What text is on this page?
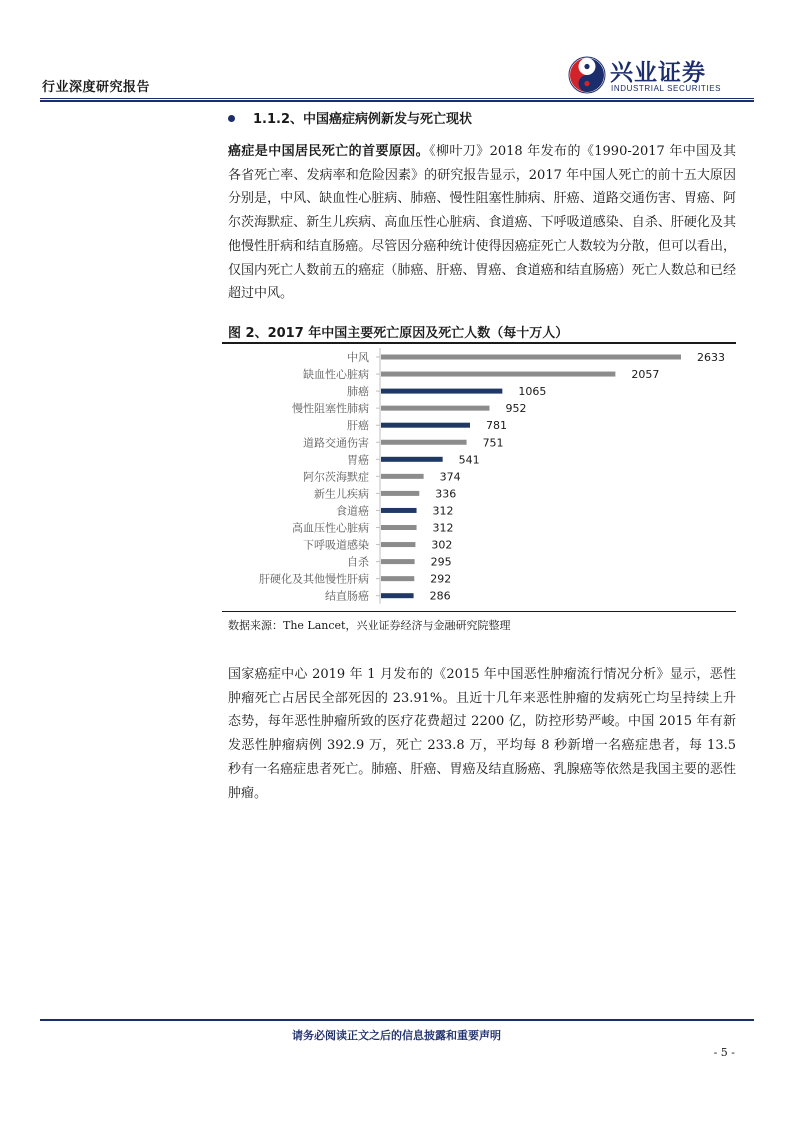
行业深度研究报告
兴业证券
INDUSTRIAL SECURITIES
1.1.2、中国癌症病例新发与死亡现状
癌症是中国居民死亡的首要原因。《柳叶刀》2018 年发布的《1990-2017 年中国及其各省死亡率、发病率和危险因素》的研究报告显示，2017 年中国人死亡的前十五大原因分别是，中风、缺血性心脏病、肺癌、慢性阻塞性肺病、肝癌、道路交通伤害、胃癌、阿尔茨海默症、新生儿疾病、高血压性心脏病、食道癌、下呼吸道感染、自杀、肝硬化及其他慢性肝病和结直肠癌。尽管因分癌种统计使得因癌症死亡人数较为分散，但可以看出，仅国内死亡人数前五的癌症（肺癌、肝癌、胃癌、食道癌和结直肠癌）死亡人数总和已经超过中风。
图 2、2017 年中国主要死亡原因及死亡人数（每十万人）
中风	2633
缺血性心脏病	2057
肺癌	1065
慢性阻塞性肺病	952
肝癌	781
道路交通伤害	751
胃癌	541
阿尔茨海默症	374
新生儿疾病	336
食道癌	312
高血压性心脏病	312
下呼吸道感染	302
自杀	295
肝硬化及其他慢性肝病	292
结直肠癌	286
数据来源：The Lancet，兴业证券经济与金融研究院整理
国家癌症中心 2019 年 1 月发布的《2015 年中国恶性肿瘤流行情况分析》显示，恶性肿瘤死亡占居民全部死因的 23.91%。且近十几年来恶性肿瘤的发病死亡均呈持续上升态势，每年恶性肿瘤所致的医疗花费超过 2200 亿，防控形势严峻。中国 2015 年有新发恶性肿瘤病例 392.9 万，死亡 233.8 万，平均每 8 秒新增一名癌症患者，每 13.5 秒有一名癌症患者死亡。肺癌、肝癌、胃癌及结直肠癌、乳腺癌等依然是我国主要的恶性肿瘤。
请务必阅读正文之后的信息披露和重要声明
- 5 -
